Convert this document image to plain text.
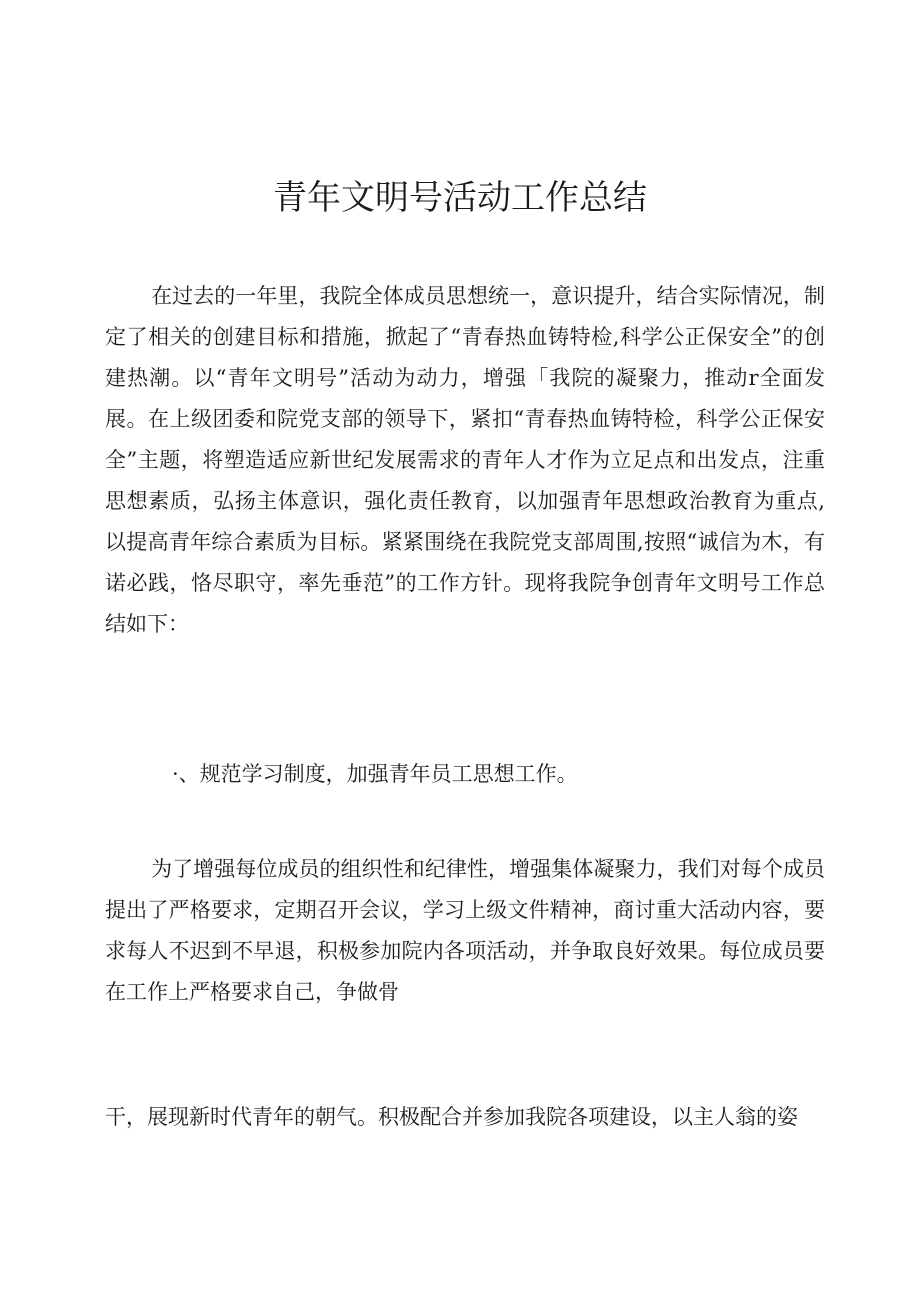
青年文明号活动工作总结

在过去的一年里，我院全体成员思想统一，意识提升，结合实际情况，制定了相关的创建目标和措施，掀起了“青春热血铸特检,科学公正保安全”的创建热潮。以“青年文明号”活动为动力，增强「我院的凝聚力，推动r全面发展。在上级团委和院党支部的领导下，紧扣“青春热血铸特检，科学公正保安全”主题，将塑造适应新世纪发展需求的青年人才作为立足点和出发点，注重思想素质，弘扬主体意识，强化责任教育，以加强青年思想政治教育为重点,以提高青年综合素质为目标。紧紧围绕在我院党支部周围,按照“诚信为木，有诺必践，恪尽职守，率先垂范”的工作方针。现将我院争创青年文明号工作总结如下：

·、规范学习制度，加强青年员工思想工作。

为了增强每位成员的组织性和纪律性，增强集体凝聚力，我们对每个成员提出了严格要求，定期召开会议，学习上级文件精神，商讨重大活动内容，要求每人不迟到不早退，积极参加院内各项活动，并争取良好效果。每位成员要在工作上严格要求自己，争做骨

干，展现新时代青年的朝气。积极配合并参加我院各项建设，以主人翁的姿
